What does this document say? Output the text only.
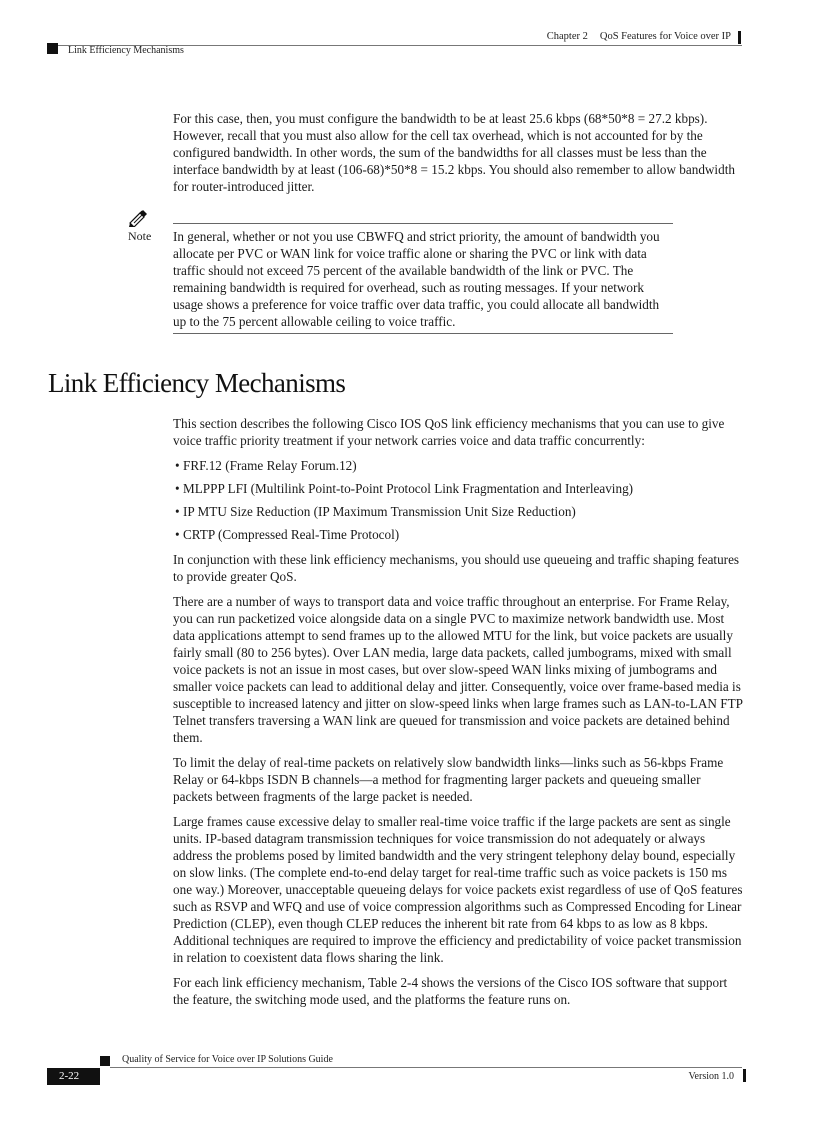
Chapter 2 QoS Features for Voice over IP
Link Efficiency Mechanisms

For this case, then, you must configure the bandwidth to be at least 25.6 kbps (68*50*8 = 27.2 kbps). However, recall that you must also allow for the cell tax overhead, which is not accounted for by the configured bandwidth. In other words, the sum of the bandwidths for all classes must be less than the interface bandwidth by at least (106-68)*50*8 = 15.2 kbps. You should also remember to allow bandwidth for router-introduced jitter.

Note In general, whether or not you use CBWFQ and strict priority, the amount of bandwidth you allocate per PVC or WAN link for voice traffic alone or sharing the PVC or link with data traffic should not exceed 75 percent of the available bandwidth of the link or PVC. The remaining bandwidth is required for overhead, such as routing messages. If your network usage shows a preference for voice traffic over data traffic, you could allocate all bandwidth up to the 75 percent allowable ceiling to voice traffic.

Link Efficiency Mechanisms

This section describes the following Cisco IOS QoS link efficiency mechanisms that you can use to give voice traffic priority treatment if your network carries voice and data traffic concurrently:

• FRF.12 (Frame Relay Forum.12)
• MLPPP LFI (Multilink Point-to-Point Protocol Link Fragmentation and Interleaving)
• IP MTU Size Reduction (IP Maximum Transmission Unit Size Reduction)
• CRTP (Compressed Real-Time Protocol)

In conjunction with these link efficiency mechanisms, you should use queueing and traffic shaping features to provide greater QoS.

There are a number of ways to transport data and voice traffic throughout an enterprise. For Frame Relay, you can run packetized voice alongside data on a single PVC to maximize network bandwidth use. Most data applications attempt to send frames up to the allowed MTU for the link, but voice packets are usually fairly small (80 to 256 bytes). Over LAN media, large data packets, called jumbograms, mixed with small voice packets is not an issue in most cases, but over slow-speed WAN links mixing of jumbograms and smaller voice packets can lead to additional delay and jitter. Consequently, voice over frame-based media is susceptible to increased latency and jitter on slow-speed links when large frames such as LAN-to-LAN FTP Telnet transfers traversing a WAN link are queued for transmission and voice packets are detained behind them.

To limit the delay of real-time packets on relatively slow bandwidth links—links such as 56-kbps Frame Relay or 64-kbps ISDN B channels—a method for fragmenting larger packets and queueing smaller packets between fragments of the large packet is needed.

Large frames cause excessive delay to smaller real-time voice traffic if the large packets are sent as single units. IP-based datagram transmission techniques for voice transmission do not adequately or always address the problems posed by limited bandwidth and the very stringent telephony delay bound, especially on slow links. (The complete end-to-end delay target for real-time traffic such as voice packets is 150 ms one way.) Moreover, unacceptable queueing delays for voice packets exist regardless of use of QoS features such as RSVP and WFQ and use of voice compression algorithms such as Compressed Encoding for Linear Prediction (CLEP), even though CLEP reduces the inherent bit rate from 64 kbps to as low as 8 kbps. Additional techniques are required to improve the efficiency and predictability of voice packet transmission in relation to coexistent data flows sharing the link.

For each link efficiency mechanism, Table 2-4 shows the versions of the Cisco IOS software that support the feature, the switching mode used, and the platforms the feature runs on.

Quality of Service for Voice over IP Solutions Guide
2-22	Version 1.0
